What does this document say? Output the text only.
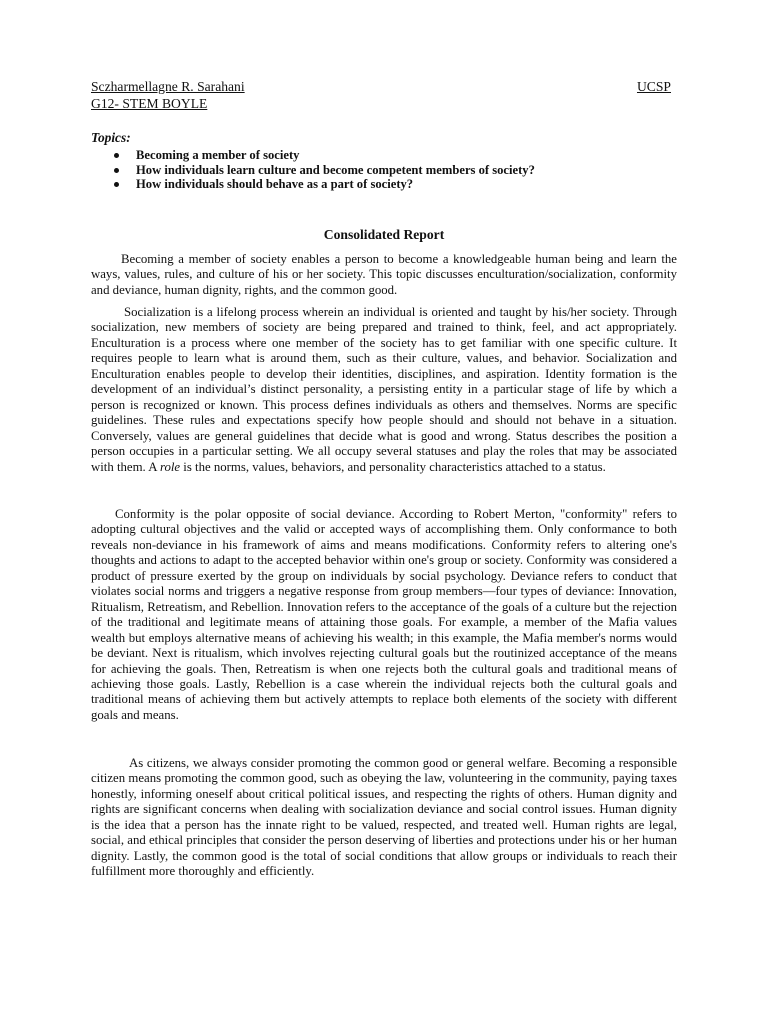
Sczharmellagne R. Sarahani	UCSP
G12- STEM BOYLE
Topics:
Becoming a member of society
How individuals learn culture and become competent members of society?
How individuals should behave as a part of society?
Consolidated Report

Becoming a member of society enables a person to become a knowledgeable human being and learn the ways, values, rules, and culture of his or her society. This topic discusses enculturation/socialization, conformity and deviance, human dignity, rights, and the common good.

Socialization is a lifelong process wherein an individual is oriented and taught by his/her society. Through socialization, new members of society are being prepared and trained to think, feel, and act appropriately. Enculturation is a process where one member of the society has to get familiar with one specific culture. It requires people to learn what is around them, such as their culture, values, and behavior. Socialization and Enculturation enables people to develop their identities, disciplines, and aspiration. Identity formation is the development of an individual’s distinct personality, a persisting entity in a particular stage of life by which a person is recognized or known. This process defines individuals as others and themselves. Norms are specific guidelines. These rules and expectations specify how people should and should not behave in a situation. Conversely, values are general guidelines that decide what is good and wrong. Status describes the position a person occupies in a particular setting. We all occupy several statuses and play the roles that may be associated with them. A role is the norms, values, behaviors, and personality characteristics attached to a status.

Conformity is the polar opposite of social deviance. According to Robert Merton, "conformity" refers to adopting cultural objectives and the valid or accepted ways of accomplishing them. Only conformance to both reveals non-deviance in his framework of aims and means modifications. Conformity refers to altering one's thoughts and actions to adapt to the accepted behavior within one's group or society. Conformity was considered a product of pressure exerted by the group on individuals by social psychology. Deviance refers to conduct that violates social norms and triggers a negative response from group members—four types of deviance: Innovation, Ritualism, Retreatism, and Rebellion. Innovation refers to the acceptance of the goals of a culture but the rejection of the traditional and legitimate means of attaining those goals. For example, a member of the Mafia values wealth but employs alternative means of achieving his wealth; in this example, the Mafia member's norms would be deviant. Next is ritualism, which involves rejecting cultural goals but the routinized acceptance of the means for achieving the goals. Then, Retreatism is when one rejects both the cultural goals and traditional means of achieving those goals. Lastly, Rebellion is a case wherein the individual rejects both the cultural goals and traditional means of achieving them but actively attempts to replace both elements of the society with different goals and means.

As citizens, we always consider promoting the common good or general welfare. Becoming a responsible citizen means promoting the common good, such as obeying the law, volunteering in the community, paying taxes honestly, informing oneself about critical political issues, and respecting the rights of others. Human dignity and rights are significant concerns when dealing with socialization deviance and social control issues. Human dignity is the idea that a person has the innate right to be valued, respected, and treated well. Human rights are legal, social, and ethical principles that consider the person deserving of liberties and protections under his or her human dignity. Lastly, the common good is the total of social conditions that allow groups or individuals to reach their fulfillment more thoroughly and efficiently.
